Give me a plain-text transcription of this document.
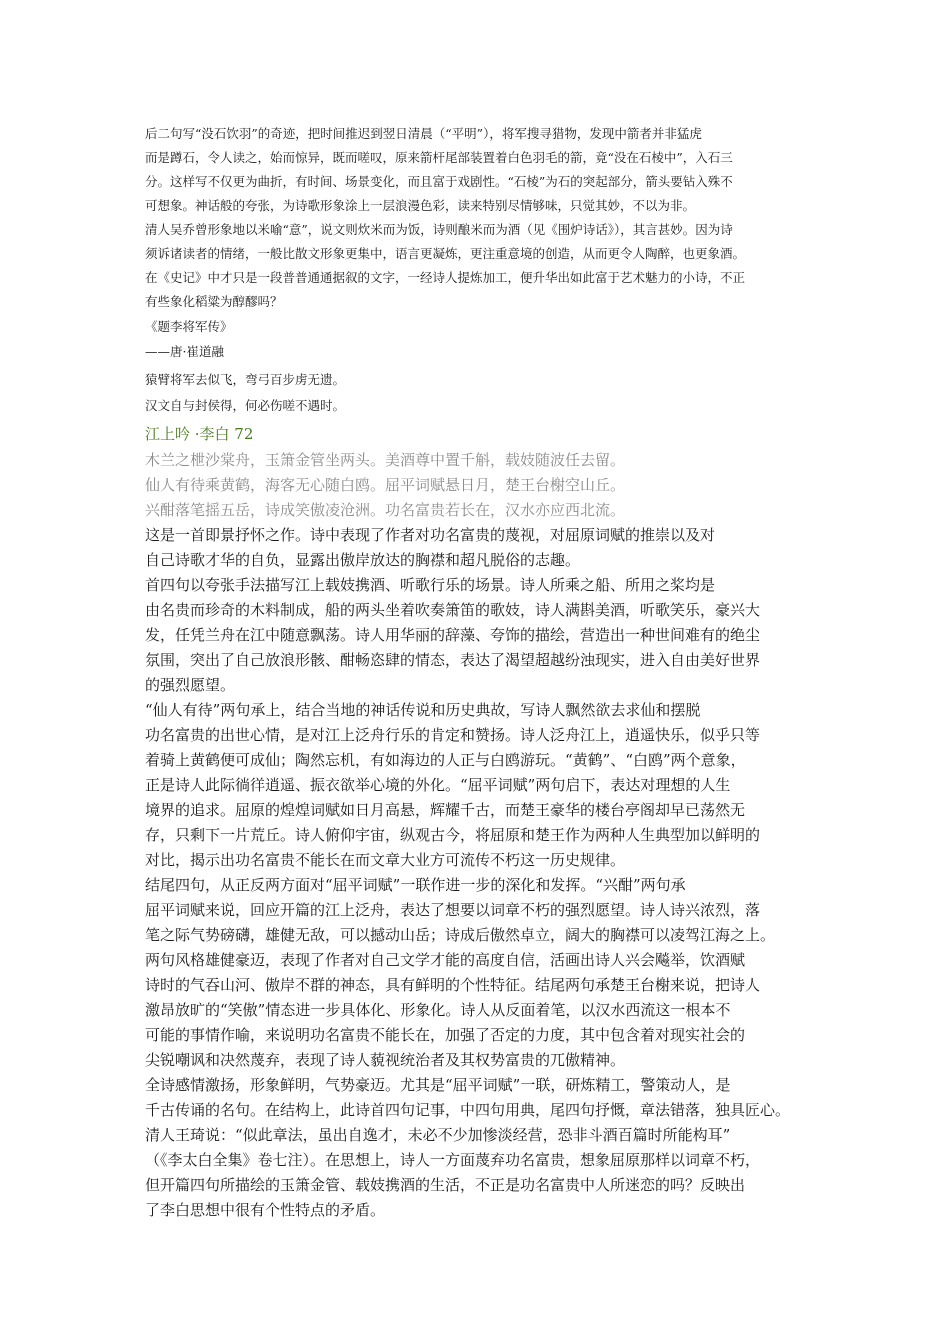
后二句写“没石饮羽”的奇迹，把时间推迟到翌日清晨（“平明”），将军搜寻猎物，发现中箭者并非猛虎

而是蹲石，令人读之，始而惊异，既而嗟叹，原来箭杆尾部装置着白色羽毛的箭，竟“没在石棱中”，入石三

分。这样写不仅更为曲折，有时间、场景变化，而且富于戏剧性。“石棱”为石的突起部分，箭头要钻入殊不

可想象。神话般的夸张，为诗歌形象涂上一层浪漫色彩，读来特别尽情够味，只觉其妙，不以为非。

清人吴乔曾形象地以米喻“意”，说文则炊米而为饭，诗则酿米而为酒（见《围炉诗话》），其言甚妙。因为诗

须诉诸读者的情绪，一般比散文形象更集中，语言更凝炼，更注重意境的创造，从而更令人陶醉，也更象酒。

在《史记》中才只是一段普普通通据叙的文字，一经诗人提炼加工，便升华出如此富于艺术魅力的小诗，不正

有些象化稻粱为醇醪吗？

《题李将军传》

——唐·崔道融

猿臂将军去似飞，弯弓百步虏无遗。

汉文自与封侯得，何必伤嗟不遇时。

江上吟 ·李白 72

木兰之枻沙棠舟，玉箫金管坐两头。美酒尊中置千斛，载妓随波任去留。

仙人有待乘黄鹤，海客无心随白鸥。屈平词赋悬日月，楚王台榭空山丘。

兴酣落笔摇五岳，诗成笑傲凌沧洲。功名富贵若长在，汉水亦应西北流。

这是一首即景抒怀之作。诗中表现了作者对功名富贵的蔑视，对屈原词赋的推崇以及对

自己诗歌才华的自负，显露出傲岸放达的胸襟和超凡脱俗的志趣。

首四句以夸张手法描写江上载妓携酒、听歌行乐的场景。诗人所乘之船、所用之桨均是

由名贵而珍奇的木料制成，船的两头坐着吹奏箫笛的歌妓，诗人满斟美酒，听歌笑乐，豪兴大

发，任凭兰舟在江中随意飘荡。诗人用华丽的辞藻、夸饰的描绘，营造出一种世间难有的绝尘

氛围，突出了自己放浪形骸、酣畅恣肆的情态，表达了渴望超越纷浊现实，进入自由美好世界

的强烈愿望。

“仙人有待”两句承上，结合当地的神话传说和历史典故，写诗人飘然欲去求仙和摆脱

功名富贵的出世心情，是对江上泛舟行乐的肯定和赞扬。诗人泛舟江上，逍遥快乐，似乎只等

着骑上黄鹤便可成仙；陶然忘机，有如海边的人正与白鸥游玩。“黄鹤”、“白鸥”两个意象，

正是诗人此际徜徉逍遥、振衣欲举心境的外化。“屈平词赋”两句启下，表达对理想的人生

境界的追求。屈原的煌煌词赋如日月高悬，辉耀千古，而楚王豪华的楼台亭阁却早已荡然无

存，只剩下一片荒丘。诗人俯仰宇宙，纵观古今，将屈原和楚王作为两种人生典型加以鲜明的

对比，揭示出功名富贵不能长在而文章大业方可流传不朽这一历史规律。

结尾四句，从正反两方面对“屈平词赋”一联作进一步的深化和发挥。“兴酣”两句承

屈平词赋来说，回应开篇的江上泛舟，表达了想要以词章不朽的强烈愿望。诗人诗兴浓烈，落

笔之际气势磅礴，雄健无敌，可以撼动山岳；诗成后傲然卓立，阔大的胸襟可以凌驾江海之上。

两句风格雄健豪迈，表现了作者对自己文学才能的高度自信，活画出诗人兴会飚举，饮酒赋

诗时的气吞山河、傲岸不群的神态，具有鲜明的个性特征。结尾两句承楚王台榭来说，把诗人

激昂放旷的“笑傲”情态进一步具体化、形象化。诗人从反面着笔，以汉水西流这一根本不

可能的事情作喻，来说明功名富贵不能长在，加强了否定的力度，其中包含着对现实社会的

尖锐嘲讽和决然蔑弃，表现了诗人藐视统治者及其权势富贵的兀傲精神。

全诗感情激扬，形象鲜明，气势豪迈。尤其是“屈平词赋”一联，研炼精工，警策动人，是

千古传诵的名句。在结构上，此诗首四句记事，中四句用典，尾四句抒慨，章法错落，独具匠心。

清人王琦说：“似此章法，虽出自逸才，未必不少加惨淡经营，恐非斗酒百篇时所能构耳”

（《李太白全集》卷七注）。在思想上，诗人一方面蔑弃功名富贵，想象屈原那样以词章不朽，

但开篇四句所描绘的玉箫金管、载妓携酒的生活，不正是功名富贵中人所迷恋的吗？反映出

了李白思想中很有个性特点的矛盾。
